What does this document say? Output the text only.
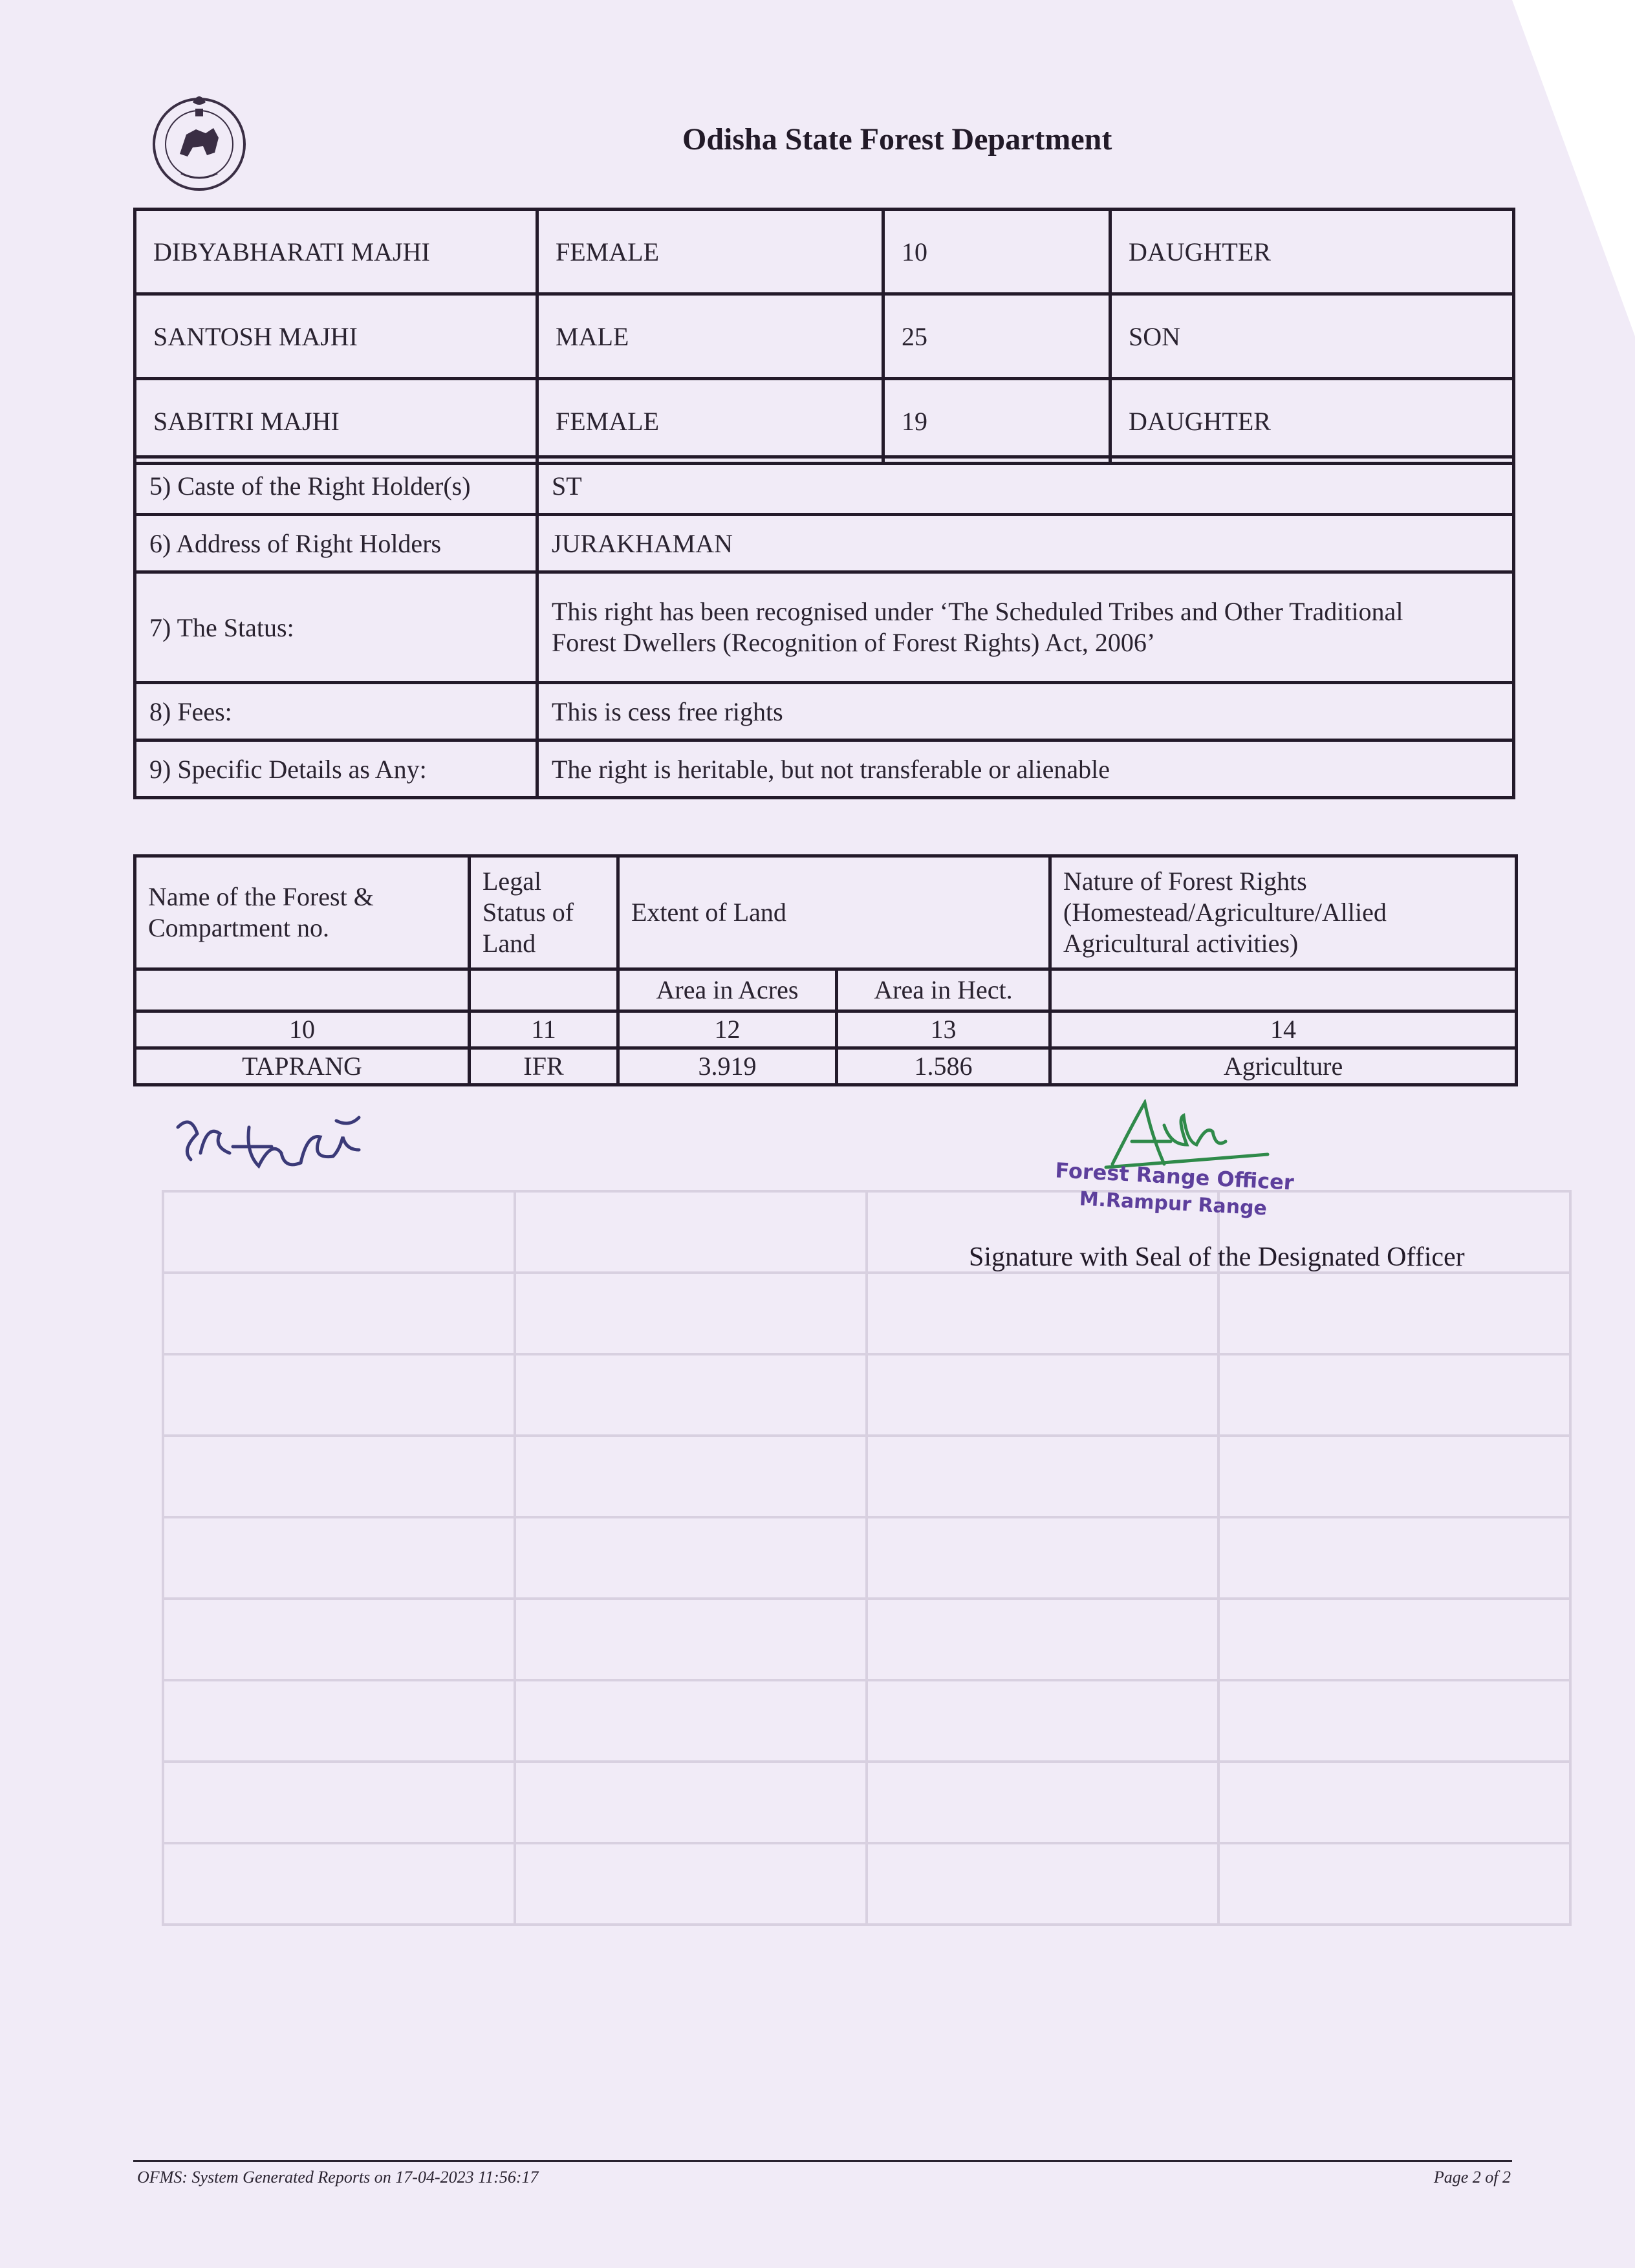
Odisha State Forest Department
DIBYABHARATI MAJHI	FEMALE	10	DAUGHTER
SANTOSH MAJHI	MALE	25	SON
SABITRI MAJHI	FEMALE	19	DAUGHTER
5) Caste of the Right Holder(s)	ST
6) Address of Right Holders	JURAKHAMAN
7) The Status:	This right has been recognised under ‘The Scheduled Tribes and Other Traditional
Forest Dwellers (Recognition of Forest Rights) Act, 2006’

8) Fees:	This is cess free rights
9) Specific Details as Any:	The right is heritable, but not transferable or alienable
Name of the Forest & Compartment no.	Legal Status of Land	Extent of Land		Nature of Forest Rights (Homestead/Agriculture/Allied Agricultural activities)
		Area in Acres	Area in Hect.	
10	11	12	13	14
TAPRANG	IFR	3.919	1.586	Agriculture
Forest Range Officer
M.Rampur Range
Signature with Seal of the Designated Officer
OFMS: System Generated Reports on 17-04-2023 11:56:17	Page 2 of 2
